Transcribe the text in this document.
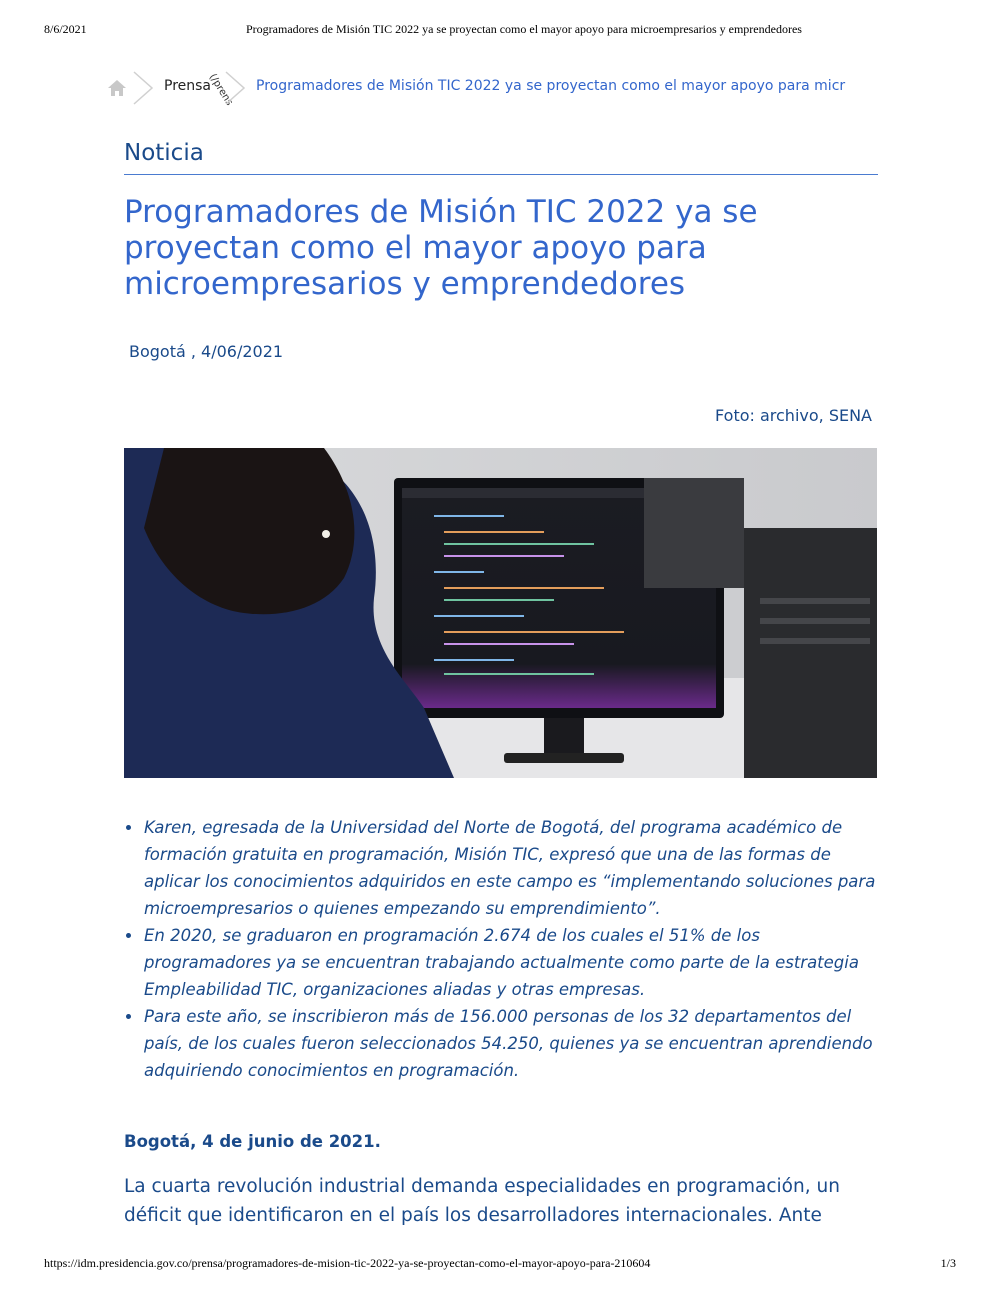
8/6/2021	Programadores de Misión TIC 2022 ya se proyectan como el mayor apoyo para microempresarios y emprendedores
Prensa
(/prens Programadores de Misión TIC 2022 ya se proyectan como el mayor apoyo para micr
Noticia
Programadores de Misión TIC 2022 ya se proyectan como el mayor apoyo para microempresarios y emprendedores
Bogotá , 4/06/2021
Foto: archivo, SENA
Karen, egresada de la Universidad del Norte de Bogotá, del programa académico de formación gratuita en programación, Misión TIC, expresó que una de las formas de aplicar los conocimientos adquiridos en este campo es “implementando soluciones para microempresarios o quienes empezando su emprendimiento”.
En 2020, se graduaron en programación 2.674 de los cuales el 51% de los programadores ya se encuentran trabajando actualmente como parte de la estrategia Empleabilidad TIC, organizaciones aliadas y otras empresas.
Para este año, se inscribieron más de 156.000 personas de los 32 departamentos del país, de los cuales fueron seleccionados 54.250, quienes ya se encuentran aprendiendo adquiriendo conocimientos en programación.
Bogotá, 4 de junio de 2021.

La cuarta revolución industrial demanda especialidades en programación, un déficit que identificaron en el país los desarrolladores internacionales. Ante

https://idm.presidencia.gov.co/prensa/programadores-de-mision-tic-2022-ya-se-proyectan-como-el-mayor-apoyo-para-210604	1/3
